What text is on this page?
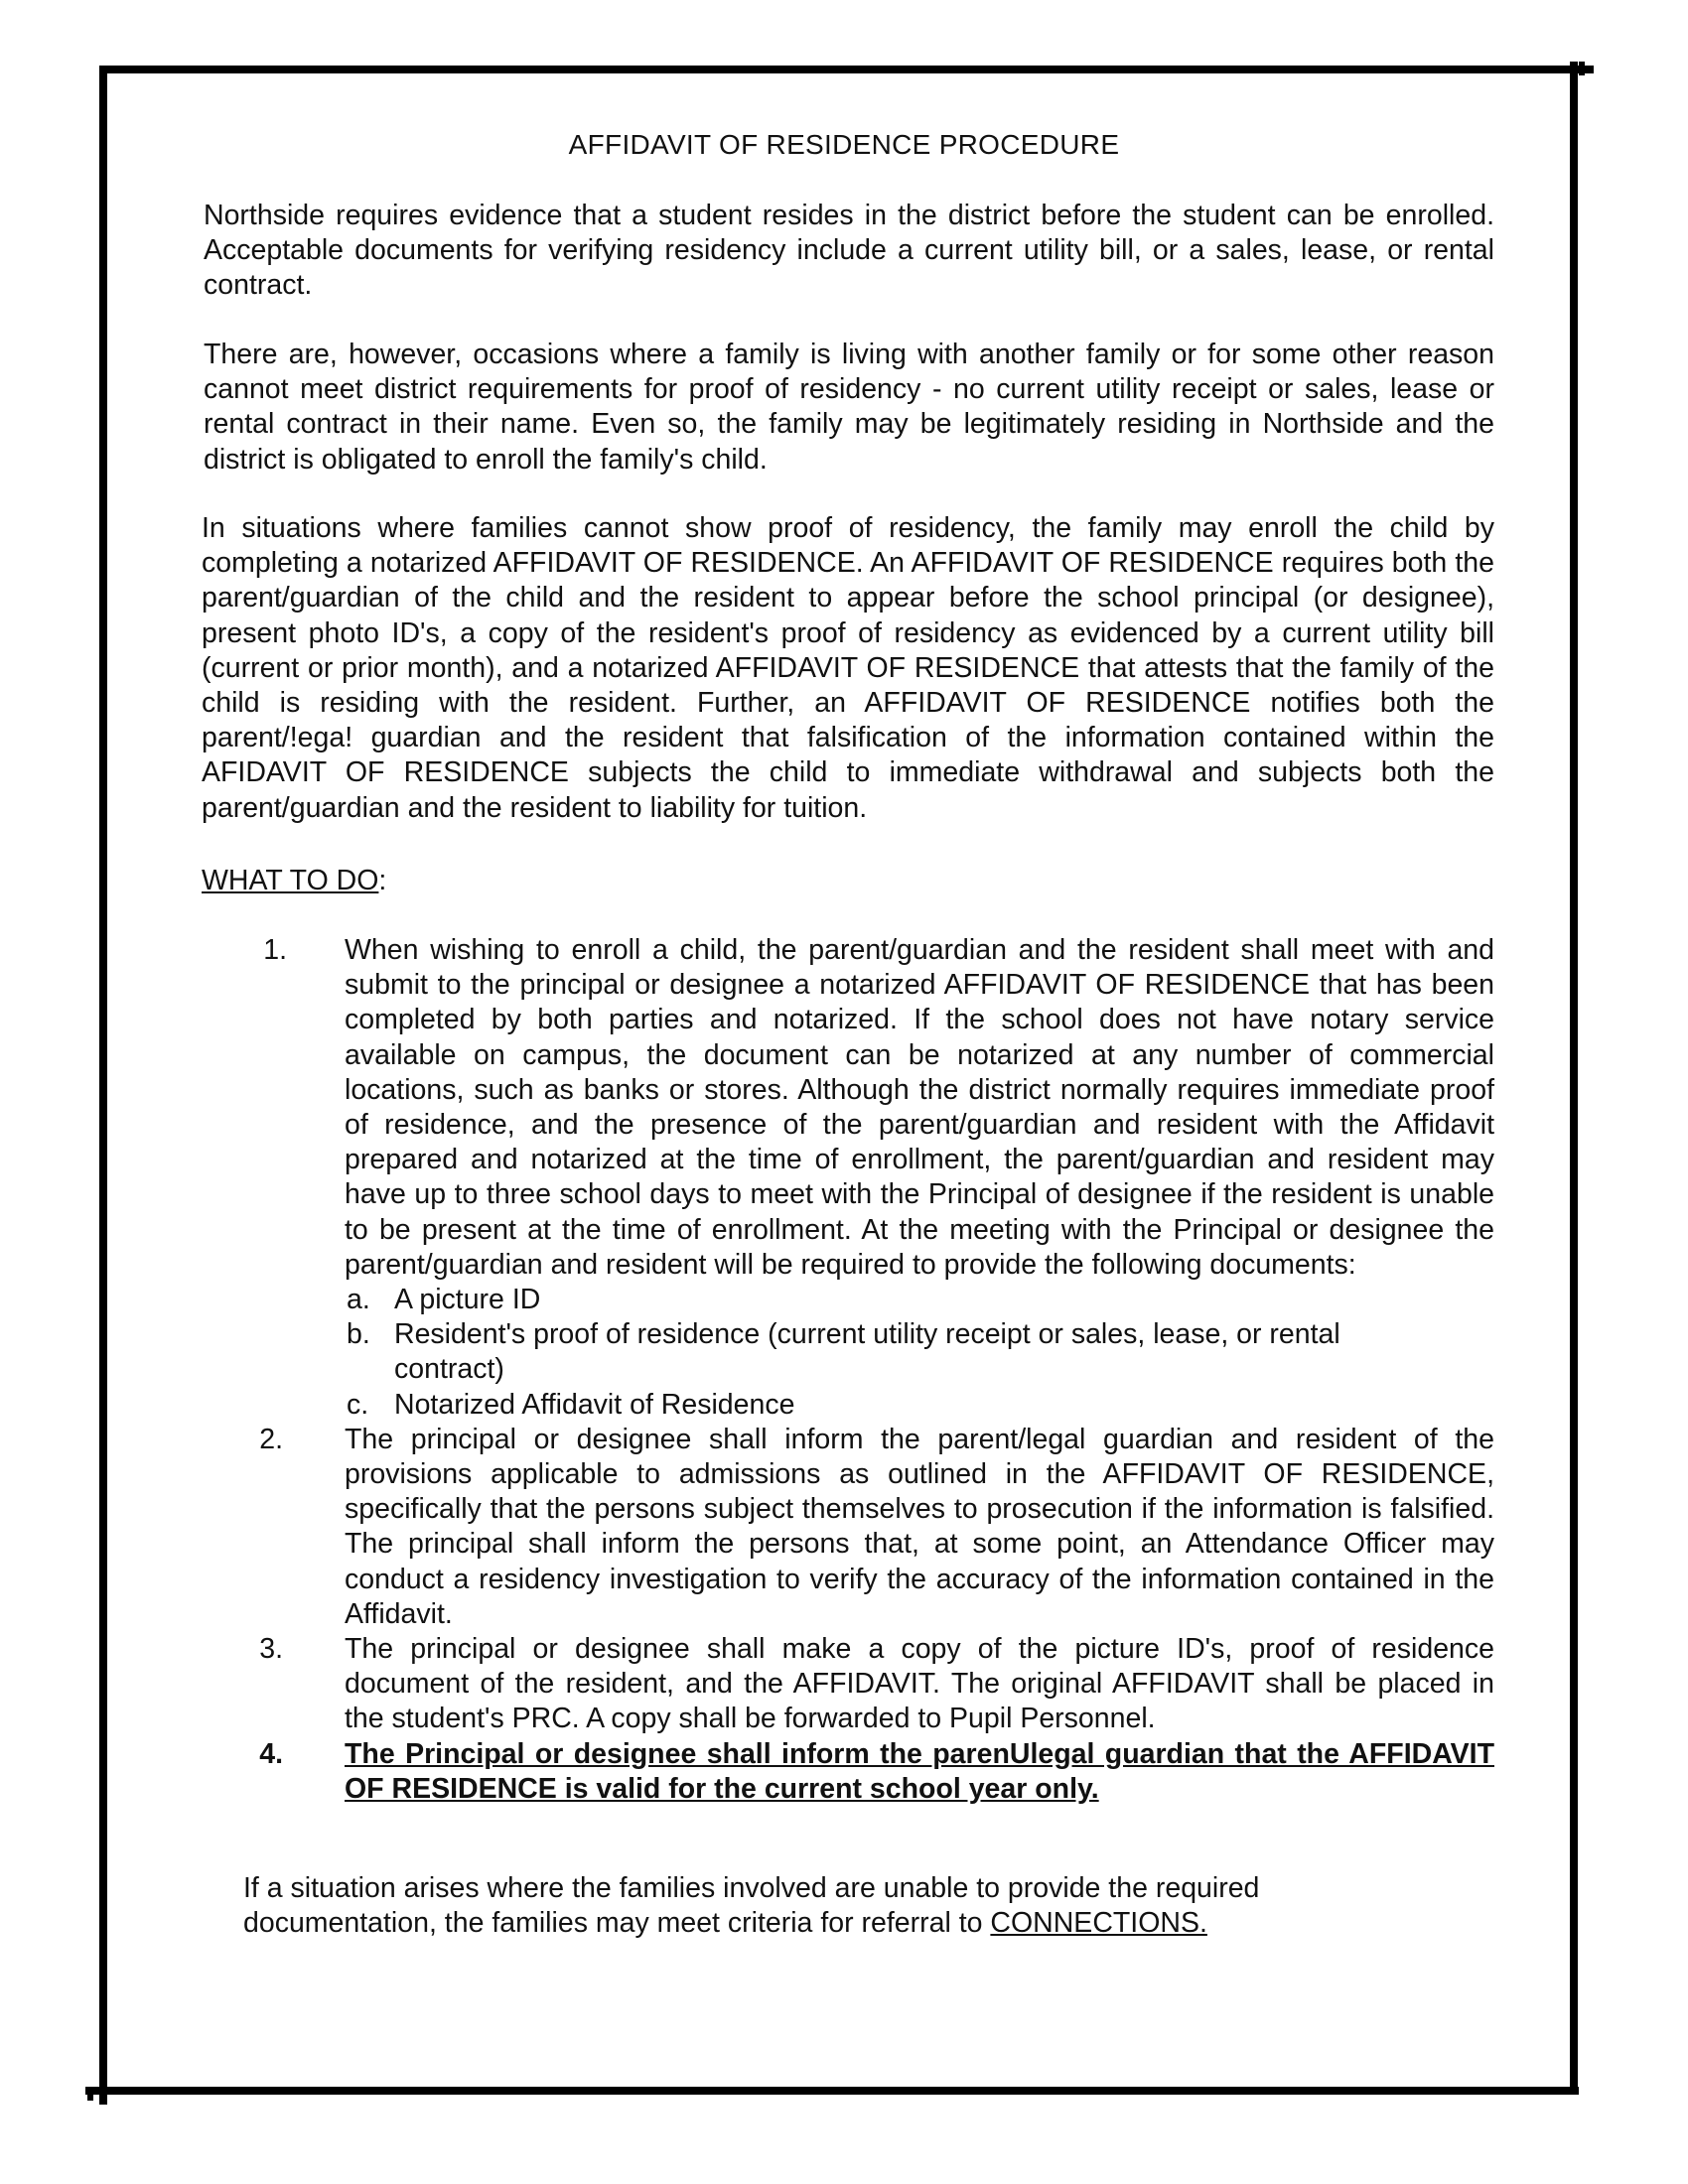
AFFIDAVIT OF RESIDENCE PROCEDURE

Northside requires evidence that a student resides in the district before the student can be enrolled. Acceptable documents for verifying residency include a current utility bill, or a sales, lease, or rental contract.

There are, however, occasions where a family is living with another family or for some other reason cannot meet district requirements for proof of residency - no current utility receipt or sales, lease or rental contract in their name. Even so, the family may be legitimately residing in Northside and the district is obligated to enroll the family's child.

In situations where families cannot show proof of residency, the family may enroll the child by completing a notarized AFFIDAVIT OF RESIDENCE. An AFFIDAVIT OF RESIDENCE requires both the parent/guardian of the child and the resident to appear before the school principal (or designee), present photo ID's, a copy of the resident's proof of residency as evidenced by a current utility bill (current or prior month), and a notarized AFFIDAVIT OF RESIDENCE that attests that the family of the child is residing with the resident. Further, an AFFIDAVIT OF RESIDENCE notifies both the parent/!ega! guardian and the resident that falsification of the information contained within the AFIDAVIT OF RESIDENCE subjects the child to immediate withdrawal and subjects both the parent/guardian and the resident to liability for tuition.

WHAT TO DO:
1. When wishing to enroll a child, the parent/guardian and the resident shall meet with and submit to the principal or designee a notarized AFFIDAVIT OF RESIDENCE that has been completed by both parties and notarized. If the school does not have notary service available on campus, the document can be notarized at any number of commercial locations, such as banks or stores. Although the district normally requires immediate proof of residence, and the presence of the parent/guardian and resident with the Affidavit prepared and notarized at the time of enrollment, the parent/guardian and resident may have up to three school days to meet with the Principal of designee if the resident is unable to be present at the time of enrollment. At the meeting with the Principal or designee the parent/guardian and resident will be required to provide the following documents:
a. A picture ID
b. Resident's proof of residence (current utility receipt or sales, lease, or rental contract)
c. Notarized Affidavit of Residence
2. The principal or designee shall inform the parent/legal guardian and resident of the provisions applicable to admissions as outlined in the AFFIDAVIT OF RESIDENCE, specifically that the persons subject themselves to prosecution if the information is falsified. The principal shall inform the persons that, at some point, an Attendance Officer may conduct a residency investigation to verify the accuracy of the information contained in the Affidavit.
3. The principal or designee shall make a copy of the picture ID's, proof of residence document of the resident, and the AFFIDAVIT. The original AFFIDAVIT shall be placed in the student's PRC. A copy shall be forwarded to Pupil Personnel.
4. The Principal or designee shall inform the parenUlegal guardian that the AFFIDAVIT OF RESIDENCE is valid for the current school year only.

If a situation arises where the families involved are unable to provide the required documentation, the families may meet criteria for referral to CONNECTIONS.
